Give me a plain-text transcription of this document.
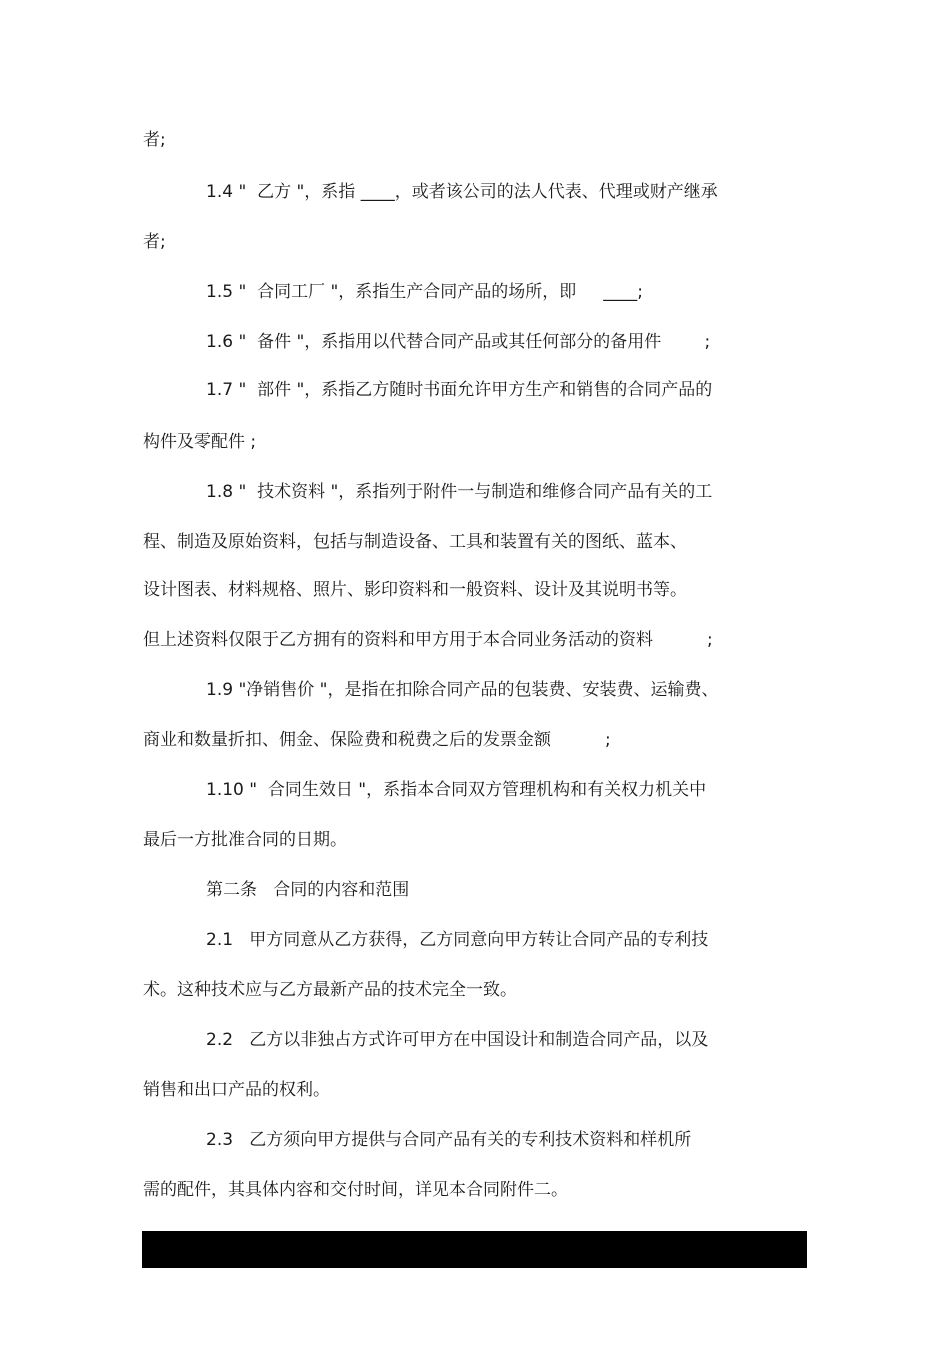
者;
1.4 "  乙方 "，系指 ____，或者该公司的法人代表、代理或财产继承
者;
1.5 "  合同工厂 "，系指生产合同产品的场所，即     ____;
1.6 "  备件 "，系指用以代替合同产品或其任何部分的备用件        ;
1.7 "  部件 "，系指乙方随时书面允许甲方生产和销售的合同产品的
构件及零配件 ;
1.8 "  技术资料 "，系指列于附件一与制造和维修合同产品有关的工
程、制造及原始资料，包括与制造设备、工具和装置有关的图纸、蓝本、
设计图表、材料规格、照片、影印资料和一般资料、设计及其说明书等。
但上述资料仅限于乙方拥有的资料和甲方用于本合同业务活动的资料          ;
1.9 "净销售价 "，是指在扣除合同产品的包装费、安装费、运输费、
商业和数量折扣、佣金、保险费和税费之后的发票金额          ;
1.10 "  合同生效日 "，系指本合同双方管理机构和有关权力机关中
最后一方批准合同的日期。
第二条   合同的内容和范围
2.1   甲方同意从乙方获得，乙方同意向甲方转让合同产品的专利技
术。这种技术应与乙方最新产品的技术完全一致。
2.2   乙方以非独占方式许可甲方在中国设计和制造合同产品，以及
销售和出口产品的权利。
2.3   乙方须向甲方提供与合同产品有关的专利技术资料和样机所
需的配件，其具体内容和交付时间，详见本合同附件二。
